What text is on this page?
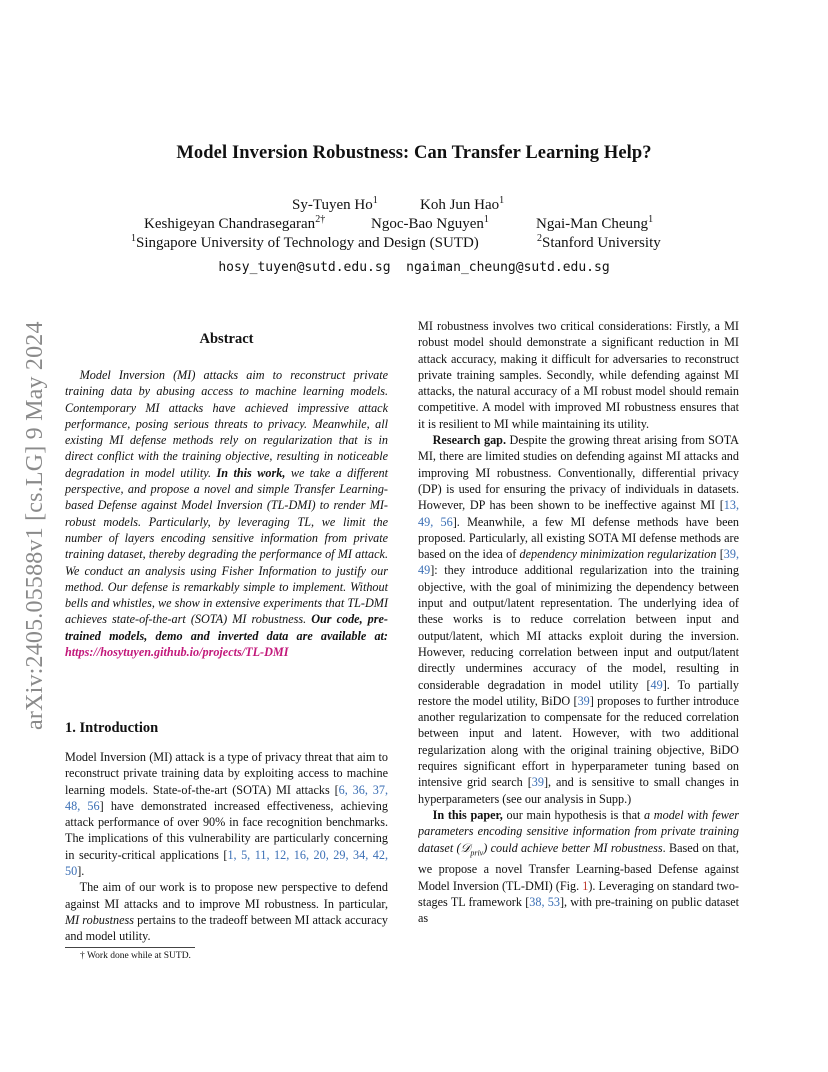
arXiv:2405.05588v1 [cs.LG] 9 May 2024
Model Inversion Robustness: Can Transfer Learning Help?
Sy-Tuyen Ho$^1$	Koh Jun Hao$^1$
Keshigeyan Chandrasegaran$^{2\dagger}$	Ngoc-Bao Nguyen$^1$	Ngai-Man Cheung$^1$
$^1$Singapore University of Technology and Design (SUTD)	$^2$Stanford University
hosy_tuyen@sutd.edu.sg  ngaiman_cheung@sutd.edu.sg
Abstract

Model Inversion (MI) attacks aim to reconstruct private training data by abusing access to machine learning models. Contemporary MI attacks have achieved impressive attack performance, posing serious threats to privacy. Meanwhile, all existing MI defense methods rely on regularization that is in direct conflict with the training objective, resulting in noticeable degradation in model utility. In this work, we take a different perspective, and propose a novel and simple Transfer Learning-based Defense against Model Inversion (TL-DMI) to render MI-robust models. Particularly, by leveraging TL, we limit the number of layers encoding sensitive information from private training dataset, thereby degrading the performance of MI attack. We conduct an analysis using Fisher Information to justify our method. Our defense is remarkably simple to implement. Without bells and whistles, we show in extensive experiments that TL-DMI achieves state-of-the-art (SOTA) MI robustness. Our code, pre-trained models, demo and inverted data are available at: https://hosytuyen.github.io/projects/TL-DMI

1. Introduction

Model Inversion (MI) attack is a type of privacy threat that aim to reconstruct private training data by exploiting access to machine learning models. State-of-the-art (SOTA) MI attacks [6, 36, 37, 48, 56] have demonstrated increased effectiveness, achieving attack performance of over 90% in face recognition benchmarks. The implications of this vulnerability are particularly concerning in security-critical applications [1, 5, 11, 12, 16, 20, 29, 34, 42, 50].

The aim of our work is to propose new perspective to defend against MI attacks and to improve MI robustness. In particular, MI robustness pertains to the tradeoff between MI attack accuracy and model utility.

MI robustness involves two critical considerations: Firstly, a MI robust model should demonstrate a significant reduction in MI attack accuracy, making it difficult for adversaries to reconstruct private training samples. Secondly, while defending against MI attacks, the natural accuracy of a MI robust model should remain competitive. A model with improved MI robustness ensures that it is resilient to MI while maintaining its utility.

Research gap. Despite the growing threat arising from SOTA MI, there are limited studies on defending against MI attacks and improving MI robustness. Conventionally, differential privacy (DP) is used for ensuring the privacy of individuals in datasets. However, DP has been shown to be ineffective against MI [13, 49, 56]. Meanwhile, a few MI defense methods have been proposed. Particularly, all existing SOTA MI defense methods are based on the idea of dependency minimization regularization [39, 49]: they introduce additional regularization into the training objective, with the goal of minimizing the dependency between input and output/latent representation. The underlying idea of these works is to reduce correlation between input and output/latent, which MI attacks exploit during the inversion. However, reducing correlation between input and output/latent directly undermines accuracy of the model, resulting in considerable degradation in model utility [49]. To partially restore the model utility, BiDO [39] proposes to further introduce another regularization to compensate for the reduced correlation between input and latent. However, with two additional regularization along with the original training objective, BiDO requires significant effort in hyperparameter tuning based on intensive grid search [39], and is sensitive to small changes in hyperparameters (see our analysis in Supp.)

In this paper, our main hypothesis is that a model with fewer parameters encoding sensitive information from private training dataset (𝒟$_{priv}$) could achieve better MI robustness. Based on that, we propose a novel Transfer Learning-based Defense against Model Inversion (TL-DMI) (Fig. 1). Leveraging on standard two-stages TL framework [38, 53], with pre-training on public dataset as

† Work done while at SUTD.
